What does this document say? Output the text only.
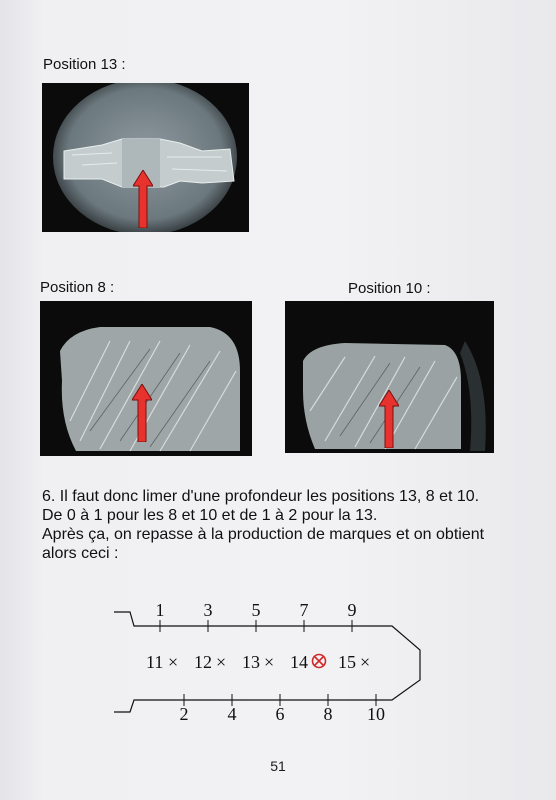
Position 13 :
Position 8 :	Position 10 :

6. Il faut donc limer d'une profondeur les positions 13, 8 et 10.

De 0 à 1 pour les 8 et 10 et de 1 à 2 pour la 13.

Après ça, on repasse à la production de marques et on obtient alors ceci :

1 3 5 7 9
2 4 6 8 10
11 × 12 × 13 × 14 15 ×
51
